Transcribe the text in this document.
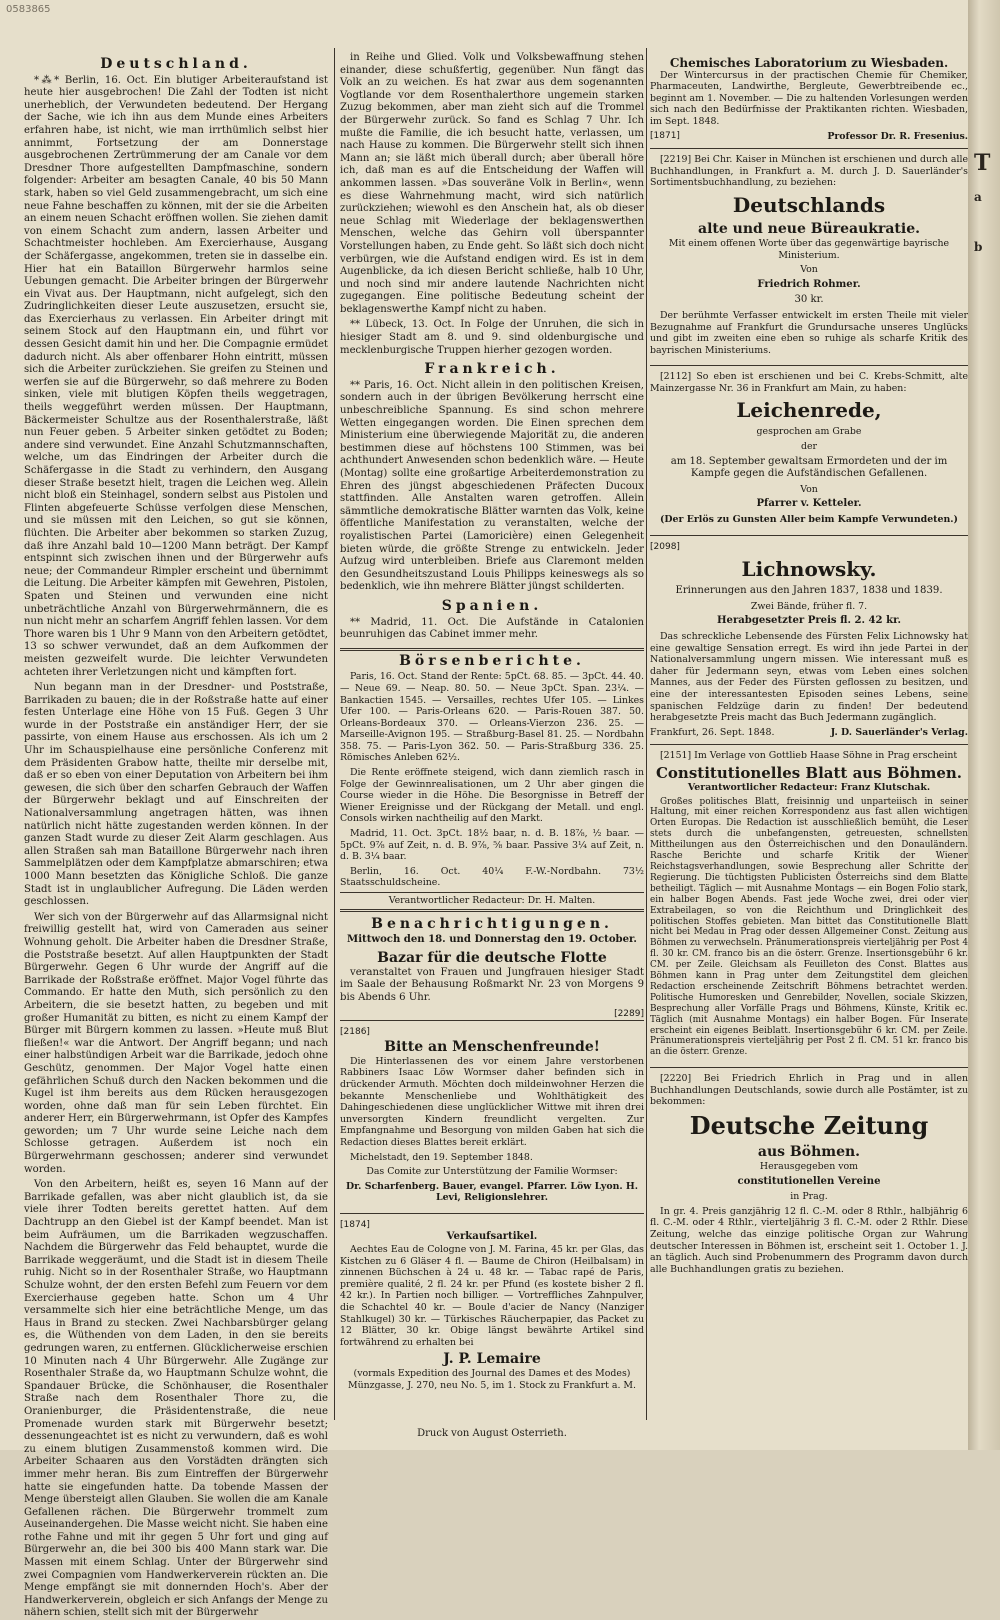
0583865
Deutschland.

*⁂* Berlin, 16. Oct. Ein blutiger Arbeiteraufstand ist heute hier ausgebrochen! Die Zahl der Todten ist nicht unerheblich, der Verwundeten bedeutend. Der Hergang der Sache, wie ich ihn aus dem Munde eines Arbeiters erfahren habe, ist nicht, wie man irrthümlich selbst hier annimmt, Fortsetzung der am Donnerstage ausgebrochenen Zertrümmerung der am Canale vor dem Dresdner Thore aufgestellten Dampfmaschine, sondern folgender: Arbeiter am besagten Canale, 40 bis 50 Mann stark, haben so viel Geld zusammengebracht, um sich eine neue Fahne beschaffen zu können, mit der sie die Arbeiten an einem neuen Schacht eröffnen wollen. Sie ziehen damit von einem Schacht zum andern, lassen Arbeiter und Schachtmeister hochleben. Am Exercierhause, Ausgang der Schäfergasse, angekommen, treten sie in dasselbe ein. Hier hat ein Bataillon Bürgerwehr harmlos seine Uebungen gemacht. Die Arbeiter bringen der Bürgerwehr ein Vivat aus. Der Hauptmann, nicht aufgelegt, sich den Zudringlichkeiten dieser Leute auszusetzen, ersucht sie, das Exercierhaus zu verlassen. Ein Arbeiter dringt mit seinem Stock auf den Hauptmann ein, und führt vor dessen Gesicht damit hin und her. Die Compagnie ermüdet dadurch nicht. Als aber offenbarer Hohn eintritt, müssen sich die Arbeiter zurückziehen. Sie greifen zu Steinen und werfen sie auf die Bürgerwehr, so daß mehrere zu Boden sinken, viele mit blutigen Köpfen theils weggetragen, theils weggeführt werden müssen. Der Hauptmann, Bäckermeister Schultze aus der Rosenthalerstraße, läßt nun Feuer geben. 5 Arbeiter sinken getödtet zu Boden; andere sind verwundet. Eine Anzahl Schutzmannschaften, welche, um das Eindringen der Arbeiter durch die Schäfergasse in die Stadt zu verhindern, den Ausgang dieser Straße besetzt hielt, tragen die Leichen weg. Allein nicht bloß ein Steinhagel, sondern selbst aus Pistolen und Flinten abgefeuerte Schüsse verfolgen diese Menschen, und sie müssen mit den Leichen, so gut sie können, flüchten. Die Arbeiter aber bekommen so starken Zuzug, daß ihre Anzahl bald 10—1200 Mann beträgt. Der Kampf entspinnt sich zwischen ihnen und der Bürgerwehr aufs neue; der Commandeur Rimpler erscheint und übernimmt die Leitung. Die Arbeiter kämpfen mit Gewehren, Pistolen, Spaten und Steinen und verwunden eine nicht unbeträchtliche Anzahl von Bürgerwehrmännern, die es nun nicht mehr an scharfem Angriff fehlen lassen. Vor dem Thore waren bis 1 Uhr 9 Mann von den Arbeitern getödtet, 13 so schwer verwundet, daß an dem Aufkommen der meisten gezweifelt wurde. Die leichter Verwundeten achteten ihrer Verletzungen nicht und kämpften fort.

Nun begann man in der Dresdner- und Poststraße, Barrikaden zu bauen; die in der Roßstraße hatte auf einer festen Unterlage eine Höhe von 15 Fuß. Gegen 3 Uhr wurde in der Poststraße ein anständiger Herr, der sie passirte, von einem Hause aus erschossen. Als ich um 2 Uhr im Schauspielhause eine persönliche Conferenz mit dem Präsidenten Grabow hatte, theilte mir derselbe mit, daß er so eben von einer Deputation von Arbeitern bei ihm gewesen, die sich über den scharfen Gebrauch der Waffen der Bürgerwehr beklagt und auf Einschreiten der Nationalversammlung angetragen hätten, was ihnen natürlich nicht hätte zugestanden werden können. In der ganzen Stadt wurde zu dieser Zeit Alarm geschlagen. Aus allen Straßen sah man Bataillone Bürgerwehr nach ihren Sammelplätzen oder dem Kampfplatze abmarschiren; etwa 1000 Mann besetzten das Königliche Schloß. Die ganze Stadt ist in unglaublicher Aufregung. Die Läden werden geschlossen.

Wer sich von der Bürgerwehr auf das Allarmsignal nicht freiwillig gestellt hat, wird von Cameraden aus seiner Wohnung geholt. Die Arbeiter haben die Dresdner Straße, die Poststraße besetzt. Auf allen Hauptpunkten der Stadt Bürgerwehr. Gegen 6 Uhr wurde der Angriff auf die Barrikade der Roßstraße eröffnet. Major Vogel führte das Commando. Er hatte den Muth, sich persönlich zu den Arbeitern, die sie besetzt hatten, zu begeben und mit großer Humanität zu bitten, es nicht zu einem Kampf der Bürger mit Bürgern kommen zu lassen. »Heute muß Blut fließen!« war die Antwort. Der Angriff begann; und nach einer halbstündigen Arbeit war die Barrikade, jedoch ohne Geschütz, genommen. Der Major Vogel hatte einen gefährlichen Schuß durch den Nacken bekommen und die Kugel ist ihm bereits aus dem Rücken herausgezogen worden, ohne daß man für sein Leben fürchtet. Ein anderer Herr, ein Bürgerwehrmann, ist Opfer des Kampfes geworden; um 7 Uhr wurde seine Leiche nach dem Schlosse getragen. Außerdem ist noch ein Bürgerwehrmann geschossen; anderer sind verwundet worden.

Von den Arbeitern, heißt es, seyen 16 Mann auf der Barrikade gefallen, was aber nicht glaublich ist, da sie viele ihrer Todten bereits gerettet hatten. Auf dem Dachtrupp an den Giebel ist der Kampf beendet. Man ist beim Aufräumen, um die Barrikaden wegzuschaffen. Nachdem die Bürgerwehr das Feld behauptet, wurde die Barrikade weggeräumt, und die Stadt ist in diesem Theile ruhig. Nicht so in der Rosenthaler Straße, wo Hauptmann Schulze wohnt, der den ersten Befehl zum Feuern vor dem Exercierhause gegeben hatte. Schon um 4 Uhr versammelte sich hier eine beträchtliche Menge, um das Haus in Brand zu stecken. Zwei Nachbarsbürger gelang es, die Wüthenden von dem Laden, in den sie bereits gedrungen waren, zu entfernen. Glücklicherweise erschien 10 Minuten nach 4 Uhr Bürgerwehr. Alle Zugänge zur Rosenthaler Straße da, wo Hauptmann Schulze wohnt, die Spandauer Brücke, die Schönhauser, die Rosenthaler Straße nach dem Rosenthaler Thore zu, die Oranienburger, die Präsidentenstraße, die neue Promenade wurden stark mit Bürgerwehr besetzt; dessenungeachtet ist es nicht zu verwundern, daß es wohl zu einem blutigen Zusammenstoß kommen wird. Die Arbeiter Schaaren aus den Vorstädten drängten sich immer mehr heran. Bis zum Eintreffen der Bürgerwehr hatte sie eingefunden hatte. Da tobende Massen der Menge übersteigt allen Glauben. Sie wollen die am Kanale Gefallenen rächen. Die Bürgerwehr trommelt zum Auseinandergehen. Die Masse weicht nicht. Sie haben eine rothe Fahne und mit ihr gegen 5 Uhr fort und ging auf Bürgerwehr an, die bei 300 bis 400 Mann stark war. Die Massen mit einem Schlag. Unter der Bürgerwehr sind zwei Compagnien vom Handwerkerverein rückten an. Die Menge empfängt sie mit donnernden Hoch's. Aber der Handwerkerverein, obgleich er sich Anfangs der Menge zu nähern schien, stellt sich mit der Bürgerwehr

in Reihe und Glied. Volk und Volksbewaffnung stehen einander, diese schußfertig, gegenüber. Nun fängt das Volk an zu weichen. Es hat zwar aus dem sogenannten Vogtlande vor dem Rosenthalerthore ungemein starken Zuzug bekommen, aber man zieht sich auf die Trommel der Bürgerwehr zurück. So fand es Schlag 7 Uhr. Ich mußte die Familie, die ich besucht hatte, verlassen, um nach Hause zu kommen. Die Bürgerwehr stellt sich ihnen Mann an; sie läßt mich überall durch; aber überall höre ich, daß man es auf die Entscheidung der Waffen will ankommen lassen. »Das souveräne Volk in Berlin«, wenn es diese Wahrnehmung macht, wird sich natürlich zurückziehen; wiewohl es den Anschein hat, als ob dieser neue Schlag mit Wiederlage der beklagenswerthen Menschen, welche das Gehirn voll überspannter Vorstellungen haben, zu Ende geht. So läßt sich doch nicht verbürgen, wie die Aufstand endigen wird. Es ist in dem Augenblicke, da ich diesen Bericht schließe, halb 10 Uhr, und noch sind mir andere lautende Nachrichten nicht zugegangen. Eine politische Bedeutung scheint der beklagenswerthe Kampf nicht zu haben.

** Lübeck, 13. Oct. In Folge der Unruhen, die sich in hiesiger Stadt am 8. und 9. sind oldenburgische und mecklenburgische Truppen hierher gezogen worden.

Frankreich.

** Paris, 16. Oct. Nicht allein in den politischen Kreisen, sondern auch in der übrigen Bevölkerung herrscht eine unbeschreibliche Spannung. Es sind schon mehrere Wetten eingegangen worden. Die Einen sprechen dem Ministerium eine überwiegende Majorität zu, die anderen bestimmen diese auf höchstens 100 Stimmen, was bei achthundert Anwesenden schon bedenklich wäre. — Heute (Montag) sollte eine großartige Arbeiterdemonstration zu Ehren des jüngst abgeschiedenen Präfecten Ducoux stattfinden. Alle Anstalten waren getroffen. Allein sämmtliche demokratische Blätter warnten das Volk, keine öffentliche Manifestation zu veranstalten, welche der royalistischen Partei (Lamoricière) einen Gelegenheit bieten würde, die größte Strenge zu entwickeln. Jeder Aufzug wird unterbleiben. Briefe aus Claremont melden den Gesundheitszustand Louis Philipps keineswegs als so bedenklich, wie ihn mehrere Blätter jüngst schilderten.

Spanien.

** Madrid, 11. Oct. Die Aufstände in Catalonien beunruhigen das Cabinet immer mehr.

Börsenberichte.

Paris, 16. Oct. Stand der Rente: 5pCt. 68. 85. — 3pCt. 44. 40. — Neue 69. — Neap. 80. 50. — Neue 3pCt. Span. 23¼. — Bankactien 1545. — Versailles, rechtes Ufer 105. — Linkes Ufer 100. — Paris-Orleans 620. — Paris-Rouen 387. 50. Orleans-Bordeaux 370. — Orleans-Vierzon 236. 25. — Marseille-Avignon 195. — Straßburg-Basel 81. 25. — Nordbahn 358. 75. — Paris-Lyon 362. 50. — Paris-Straßburg 336. 25. Römisches Anleben 62½.

Die Rente eröffnete steigend, wich dann ziemlich rasch in Folge der Gewinnrealisationen, um 2 Uhr aber gingen die Course wieder in die Höhe. Die Besorgnisse in Betreff der Wiener Ereignisse und der Rückgang der Metall. und engl. Consols wirken nachtheilig auf den Markt.

Madrid, 11. Oct. 3pCt. 18½ baar, n. d. B. 18⅞, ½ baar. — 5pCt. 9⅞ auf Zeit, n. d. B. 9⅞, ⅝ baar. Passive 3¼ auf Zeit, n. d. B. 3¼ baar.

Berlin, 16. Oct. 40¼ F.-W.-Nordbahn. 73½ Staatsschuldscheine.

Verantwortlicher Redacteur: Dr. H. Malten.

Benachrichtigungen.

Mittwoch den 18. und Donnerstag den 19. October.

Bazar für die deutsche Flotte

veranstaltet von Frauen und Jungfrauen hiesiger Stadt im Saale der Behausung Roßmarkt Nr. 23 von Morgens 9 bis Abends 6 Uhr.

[2289]
[2186]
Bitte an Menschenfreunde!

Die Hinterlassenen des vor einem Jahre verstorbenen Rabbiners Isaac Löw Wormser daher befinden sich in drückender Armuth. Möchten doch mildeinwohner Herzen die bekannte Menschenliebe und Wohlthätigkeit des Dahingeschiedenen diese unglücklicher Wittwe mit ihren drei unversorgten Kindern freundlicht vergelten. Zur Empfangnahme und Besorgung von milden Gaben hat sich die Redaction dieses Blattes bereit erklärt.

Michelstadt, den 19. September 1848.

Das Comite zur Unterstützung der Familie Wormser:

Dr. Scharfenberg. Bauer, evangel. Pfarrer. Löw Lyon. H. Levi, Religionslehrer.

[1874]
Verkaufsartikel.

Aechtes Eau de Cologne von J. M. Farina, 45 kr. per Glas, das Kistchen zu 6 Gläser 4 fl. — Baume de Chiron (Heilbalsam) in zinnenen Büchschen à 24 u. 48 kr. — Tabac rapé de Paris, première qualité, 2 fl. 24 kr. per Pfund (es kostete bisher 2 fl. 42 kr.). In Partien noch billiger. — Vortreffliches Zahnpulver, die Schachtel 40 kr. — Boule d'acier de Nancy (Nanziger Stahlkugel) 30 kr. — Türkisches Räucherpapier, das Packet zu 12 Blätter, 30 kr. Obige längst bewährte Artikel sind fortwährend zu erhalten bei

J. P. Lemaire

(vormals Expedition des Journal des Dames et des Modes) Münzgasse, J. 270, neu No. 5, im 1. Stock zu Frankfurt a. M.

Druck von August Osterrieth.
Chemisches Laboratorium zu Wiesbaden.

Der Wintercursus in der practischen Chemie für Chemiker, Pharmaceuten, Landwirthe, Bergleute, Gewerbtreibende ec., beginnt am 1. November. — Die zu haltenden Vorlesungen werden sich nach den Bedürfnisse der Praktikanten richten. Wiesbaden, im Sept. 1848.

[1871]	Professor Dr. R. Fresenius.

[2219] Bei Chr. Kaiser in München ist erschienen und durch alle Buchhandlungen, in Frankfurt a. M. durch J. D. Sauerländer's Sortimentsbuchhandlung, zu beziehen:

Deutschlands
alte und neue Büreaukratie.

Mit einem offenen Worte über das gegenwärtige bayrische Ministerium.

Von

Friedrich Rohmer.

30 kr.

Der berühmte Verfasser entwickelt im ersten Theile mit vieler Bezugnahme auf Frankfurt die Grundursache unseres Unglücks und gibt im zweiten eine eben so ruhige als scharfe Kritik des bayrischen Ministeriums.

[2112] So eben ist erschienen und bei C. Krebs-Schmitt, alte Mainzergasse Nr. 36 in Frankfurt am Main, zu haben:

Leichenrede,

gesprochen am Grabe

der

am 18. September gewaltsam Ermordeten und der im Kampfe gegen die Aufständischen Gefallenen.

Von

Pfarrer v. Ketteler.

(Der Erlös zu Gunsten Aller beim Kampfe Verwundeten.)

[2098]
Lichnowsky.

Erinnerungen aus den Jahren 1837, 1838 und 1839.

Zwei Bände, früher fl. 7.

Herabgesetzter Preis fl. 2. 42 kr.

Das schreckliche Lebensende des Fürsten Felix Lichnowsky hat eine gewaltige Sensation erregt. Es wird ihn jede Partei in der Nationalversammlung ungern missen. Wie interessant muß es daher für Jedermann seyn, etwas vom Leben eines solchen Mannes, aus der Feder des Fürsten geflossen zu besitzen, und eine der interessantesten Episoden seines Lebens, seine spanischen Feldzüge darin zu finden! Der bedeutend herabgesetzte Preis macht das Buch Jedermann zugänglich.

Frankfurt, 26. Sept. 1848.	J. D. Sauerländer's Verlag.

[2151] Im Verlage von Gottlieb Haase Söhne in Prag erscheint

Constitutionelles Blatt aus Böhmen.

Verantwortlicher Redacteur: Franz Klutschak.

Großes politisches Blatt, freisinnig und unparteiisch in seiner Haltung, mit einer reichen Korrespondenz aus fast allen wichtigen Orten Europas. Die Redaction ist ausschließlich bemüht, die Leser stets durch die unbefangensten, getreuesten, schnellsten Mittheilungen aus den Österreichischen und den Donauländern. Rasche Berichte und scharfe Kritik der Wiener Reichstagsverhandlungen, sowie Besprechung aller Schritte der Regierung. Die tüchtigsten Publicisten Österreichs sind dem Blatte betheiligt. Täglich — mit Ausnahme Montags — ein Bogen Folio stark, ein halber Bogen Abends. Fast jede Woche zwei, drei oder vier Extrabeilagen, so von die Reichthum und Dringlichkeit des politischen Stoffes gebieten. Man bittet das Constitutionelle Blatt nicht bei Medau in Prag oder dessen Allgemeiner Const. Zeitung aus Böhmen zu verwechseln. Pränumerationspreis vierteljährig per Post 4 fl. 30 kr. CM. franco bis an die österr. Grenze. Insertionsgebühr 6 kr. CM. per Zeile. Gleichsam als Feuilleton des Const. Blattes aus Böhmen kann in Prag unter dem Zeitungstitel dem gleichen Redaction erscheinende Zeitschrift Böhmens betrachtet werden. Politische Humoresken und Genrebilder, Novellen, sociale Skizzen, Besprechung aller Vorfälle Prags und Böhmens, Künste, Kritik ec. Täglich (mit Ausnahme Montags) ein halber Bogen. Für Inserate erscheint ein eigenes Beiblatt. Insertionsgebühr 6 kr. CM. per Zeile. Pränumerationspreis vierteljährig per Post 2 fl. CM. 51 kr. franco bis an die österr. Grenze.

[2220] Bei Friedrich Ehrlich in Prag und in allen Buchhandlungen Deutschlands, sowie durch alle Postämter, ist zu bekommen:

Deutsche Zeitung
aus Böhmen.

Herausgegeben vom

constitutionellen Vereine

in Prag.

In gr. 4. Preis ganzjährig 12 fl. C.-M. oder 8 Rthlr., halbjährig 6 fl. C.-M. oder 4 Rthlr., vierteljährig 3 fl. C.-M. oder 2 Rthlr. Diese Zeitung, welche das einzige politische Organ zur Wahrung deutscher Interessen in Böhmen ist, erscheint seit 1. October 1. J. an täglich. Auch sind Probenummern des Programm davon durch alle Buchhandlungen gratis zu beziehen.

T
a
b
